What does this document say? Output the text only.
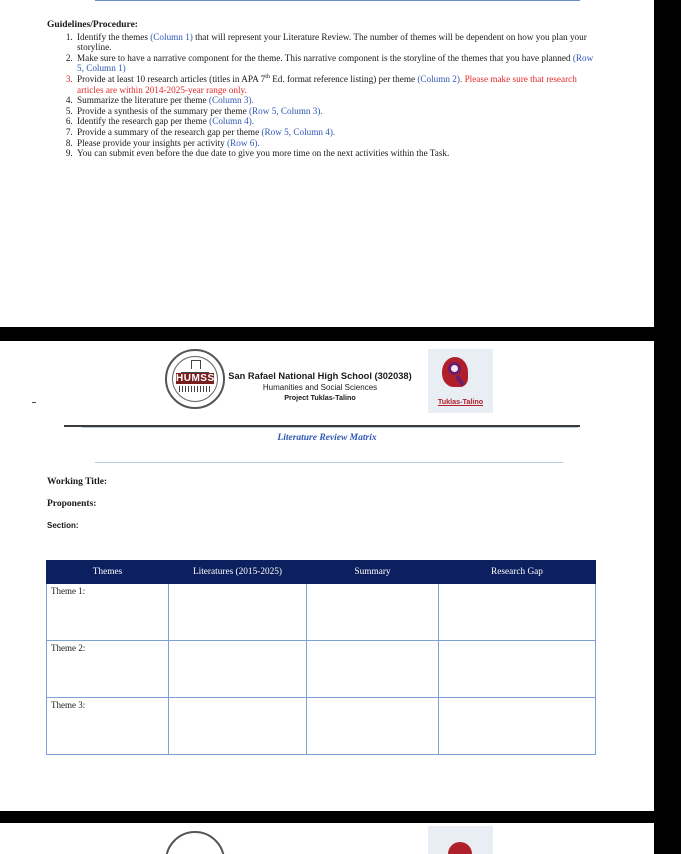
Guidelines/Procedure:
1. Identify the themes (Column 1) that will represent your Literature Review. The number of themes will be dependent on how you plan your storyline.
2. Make sure to have a narrative component for the theme. This narrative component is the storyline of the themes that you have planned (Row 5, Column 1)
3. Provide at least 10 research articles (titles in APA 7th Ed. format reference listing) per theme (Column 2). Please make sure that research articles are within 2014-2025-year range only.
4. Summarize the literature per theme (Column 3).
5. Provide a synthesis of the summary per theme (Row 5, Column 3).
6. Identify the research gap per theme (Column 4).
7. Provide a summary of the research gap per theme (Row 5, Column 4).
8. Please provide your insights per activity (Row 6).
9. You can submit even before the due date to give you more time on the next activities within the Task.
HUMSS	San Rafael National High School (302038)
Humanities and Social Sciences
Project Tuklas-Talino	Tuklas-Talino
Literature Review Matrix
Working Title:
Proponents:
Section:
Themes	Literatures (2015-2025)	Summary	Research Gap
Theme 1:			
Theme 2:			
Theme 3:			
